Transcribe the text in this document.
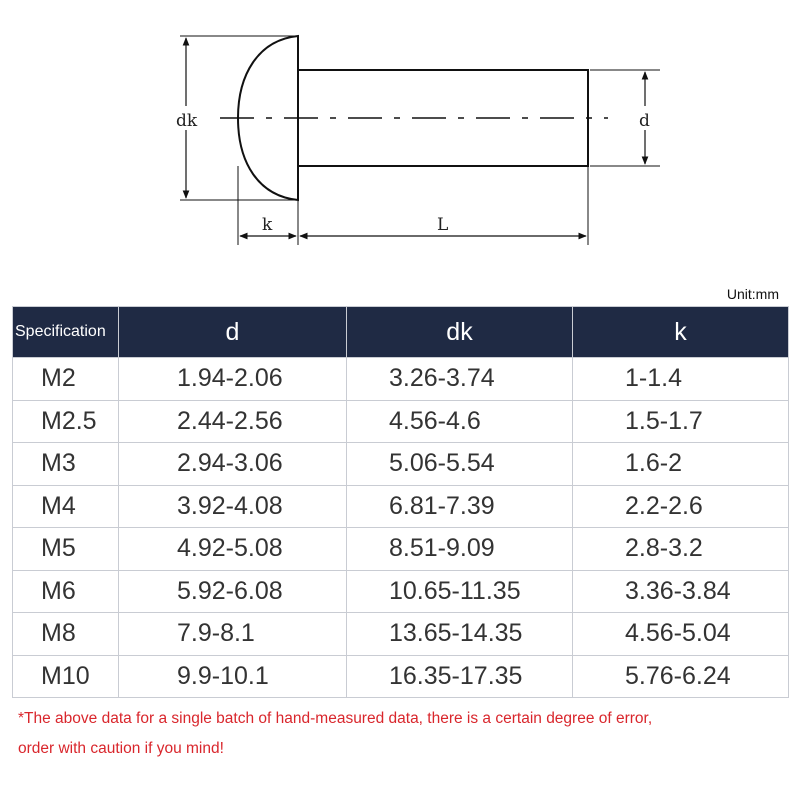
dk	d
k	L
Unit:mm
Specification	d	dk	k
M2	1.94-2.06	3.26-3.74	1-1.4
M2.5	2.44-2.56	4.56-4.6	1.5-1.7
M3	2.94-3.06	5.06-5.54	1.6-2
M4	3.92-4.08	6.81-7.39	2.2-2.6
M5	4.92-5.08	8.51-9.09	2.8-3.2
M6	5.92-6.08	10.65-11.35	3.36-3.84
M8	7.9-8.1	13.65-14.35	4.56-5.04
M10	9.9-10.1	16.35-17.35	5.76-6.24
*The above data for a single batch of hand-measured data, there is a certain degree of error,
order with caution if you mind!
